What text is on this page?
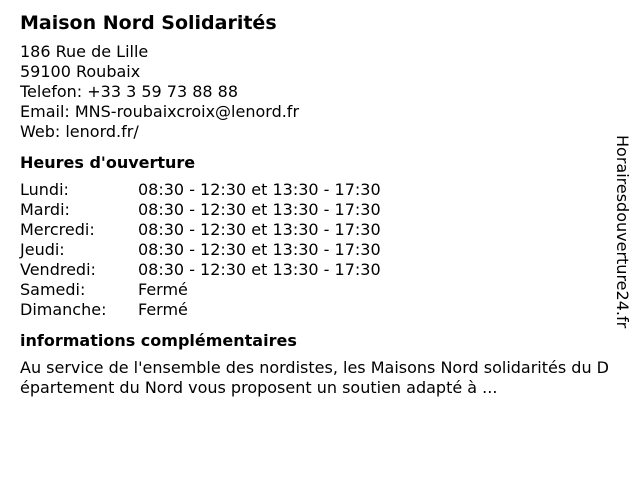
Maison Nord Solidarités
186 Rue de Lille
59100 Roubaix
Telefon: +33 3 59 73 88 88
Email: MNS-roubaixcroix@lenord.fr
Web: lenord.fr/
Heures d'ouverture
Lundi:	08:30 - 12:30 et 13:30 - 17:30
Mardi:	08:30 - 12:30 et 13:30 - 17:30
Mercredi:	08:30 - 12:30 et 13:30 - 17:30
Jeudi:	08:30 - 12:30 et 13:30 - 17:30
Vendredi:	08:30 - 12:30 et 13:30 - 17:30
Samedi:	Fermé
Dimanche:	Fermé
informations complémentaires
Au service de l'ensemble des nordistes, les Maisons Nord solidarités du Département du Nord vous proposent un soutien adapté à ...
Horairesdouverture24.fr
